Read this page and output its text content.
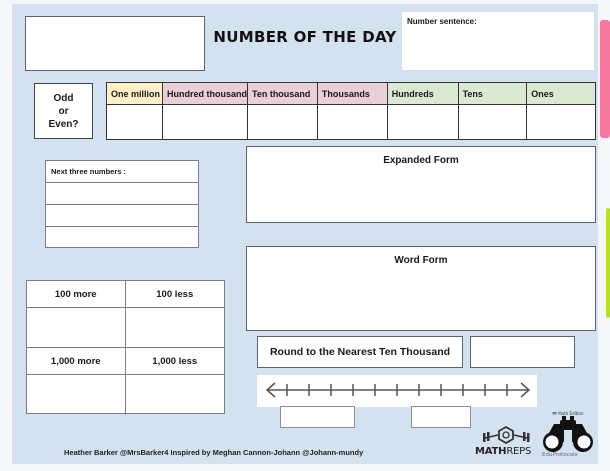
NUMBER OF THE DAY
Number sentence:
Odd
or
Even?
One million	Hundred thousand	Ten thousand	Thousands	Hundreds	Tens	Ones

Next three numbers :
Expanded Form
Word Form
100 more	100 less
1,000 more	1,000 less
Round to the Nearest Ten Thousand
Heather Barker @MrsBarker4 Inspired by Meghan Cannon-Johann @Johann-mundy	MATHREPS
∞ Math Edition
EduProtocols
